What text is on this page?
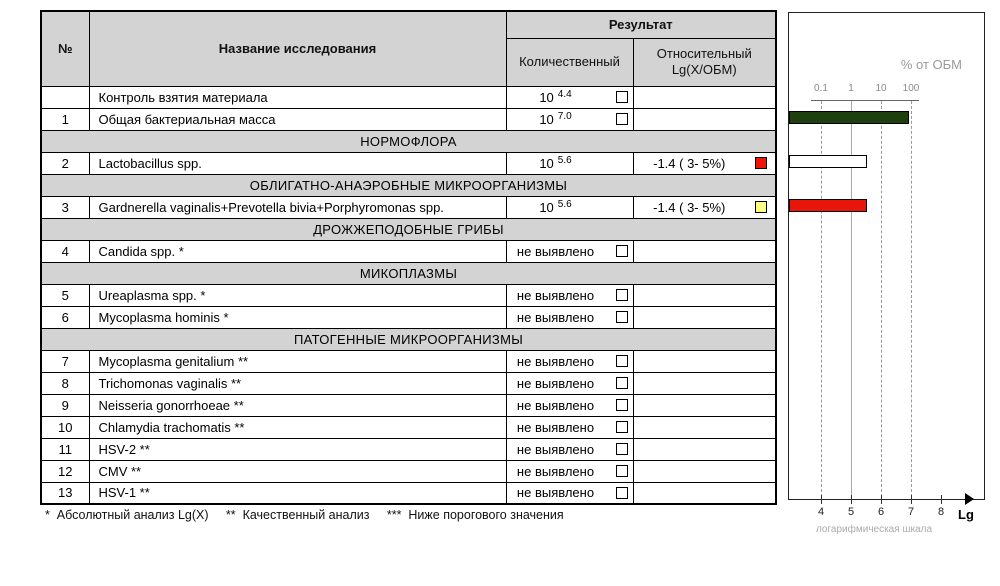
№	Название исследования	Результат	
		Количественный	Относительный
Lg(X/ОБМ)

	Контроль взятия материала	10 $^{4.4}$

1	Общая бактериальная масса	10 $^{7.0}$

НОРМОФЛОРА			
2	Lactobacillus spp.	10 $^{5.6}$	-1.4 ( 3- 5%)

ОБЛИГАТНО-АНАЭРОБНЫЕ МИКРООРГАНИЗМЫ			
3	Gardnerella vaginalis+Prevotella bivia+Porphyromonas spp.	10 $^{5.6}$	-1.4 ( 3- 5%)

ДРОЖЖЕПОДОБНЫЕ ГРИБЫ			
4	Candida spp. *	не выявлено

МИКОПЛАЗМЫ			
5	Ureaplasma spp. *	не выявлено

6	Mycoplasma hominis *	не выявлено

ПАТОГЕННЫЕ МИКРООРГАНИЗМЫ			
7	Mycoplasma genitalium **	не выявлено

8	Trichomonas vaginalis **	не выявлено

9	Neisseria gonorrhoeae **	не выявлено

10	Chlamydia trachomatis **	не выявлено

11	HSV-2 **	не выявлено

12	CMV **	не выявлено

13	HSV-1 **	не выявлено

*  Абсолютный анализ Lg(X)     **  Качественный анализ     ***  Ниже порогового значения
% от ОБМ
0.1	1	10	100
Lg
логарифмическая шкала
4	5	6	7	8
